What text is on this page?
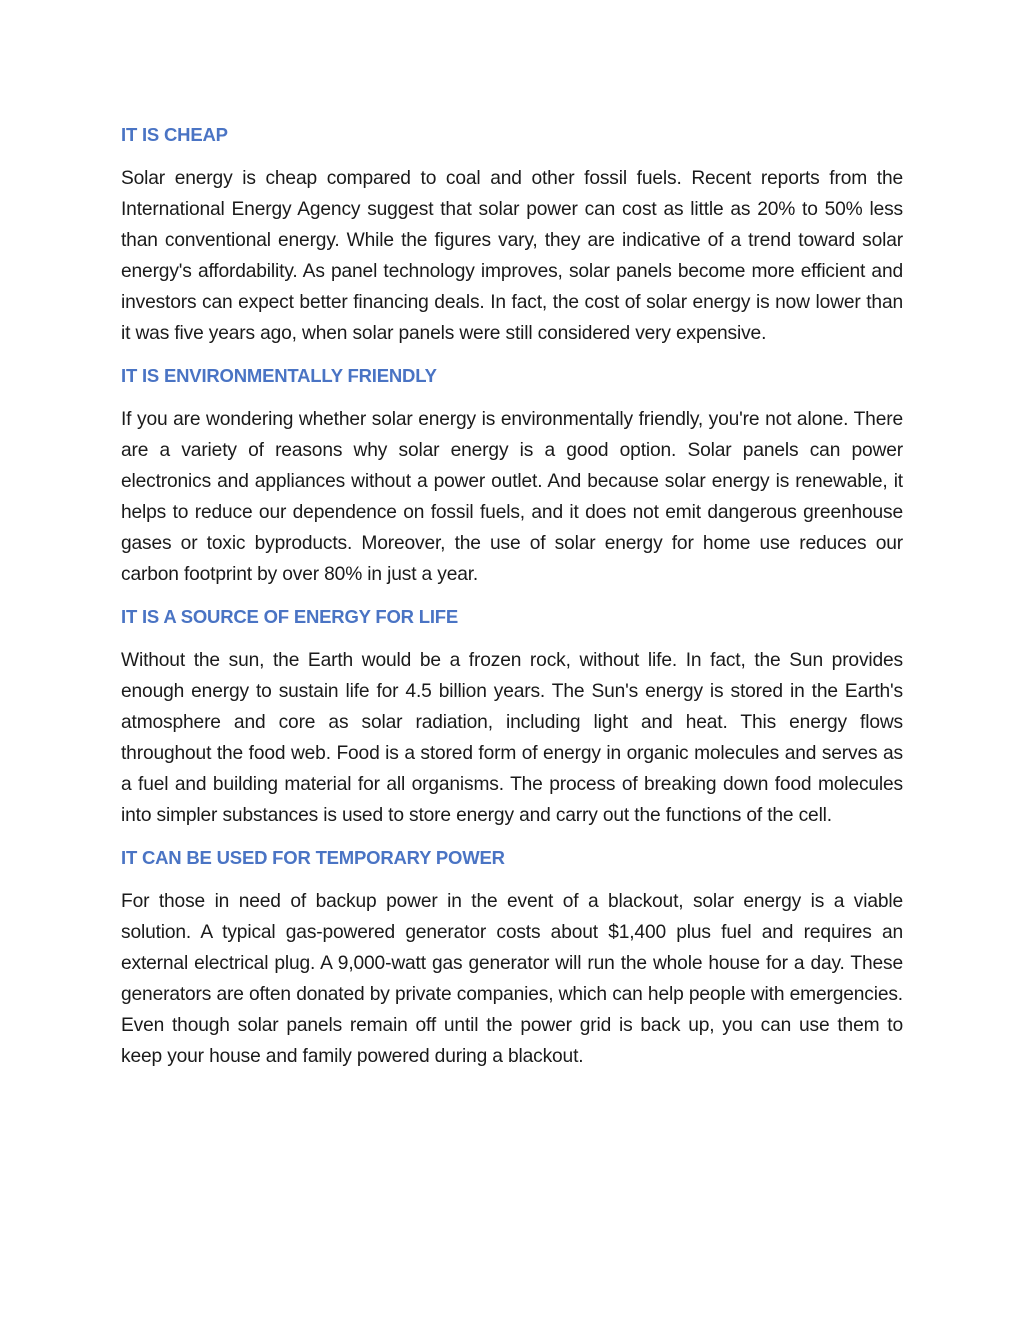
IT IS CHEAP

Solar energy is cheap compared to coal and other fossil fuels. Recent reports from the International Energy Agency suggest that solar power can cost as little as 20% to 50% less than conventional energy. While the figures vary, they are indicative of a trend toward solar energy's affordability. As panel technology improves, solar panels become more efficient and investors can expect better financing deals. In fact, the cost of solar energy is now lower than it was five years ago, when solar panels were still considered very expensive.

IT IS ENVIRONMENTALLY FRIENDLY

If you are wondering whether solar energy is environmentally friendly, you're not alone. There are a variety of reasons why solar energy is a good option. Solar panels can power electronics and appliances without a power outlet. And because solar energy is renewable, it helps to reduce our dependence on fossil fuels, and it does not emit dangerous greenhouse gases or toxic byproducts. Moreover, the use of solar energy for home use reduces our carbon footprint by over 80% in just a year.

IT IS A SOURCE OF ENERGY FOR LIFE

Without the sun, the Earth would be a frozen rock, without life. In fact, the Sun provides enough energy to sustain life for 4.5 billion years. The Sun's energy is stored in the Earth's atmosphere and core as solar radiation, including light and heat. This energy flows throughout the food web. Food is a stored form of energy in organic molecules and serves as a fuel and building material for all organisms. The process of breaking down food molecules into simpler substances is used to store energy and carry out the functions of the cell.

IT CAN BE USED FOR TEMPORARY POWER

For those in need of backup power in the event of a blackout, solar energy is a viable solution. A typical gas-powered generator costs about $1,400 plus fuel and requires an external electrical plug. A 9,000-watt gas generator will run the whole house for a day. These generators are often donated by private companies, which can help people with emergencies. Even though solar panels remain off until the power grid is back up, you can use them to keep your house and family powered during a blackout.
